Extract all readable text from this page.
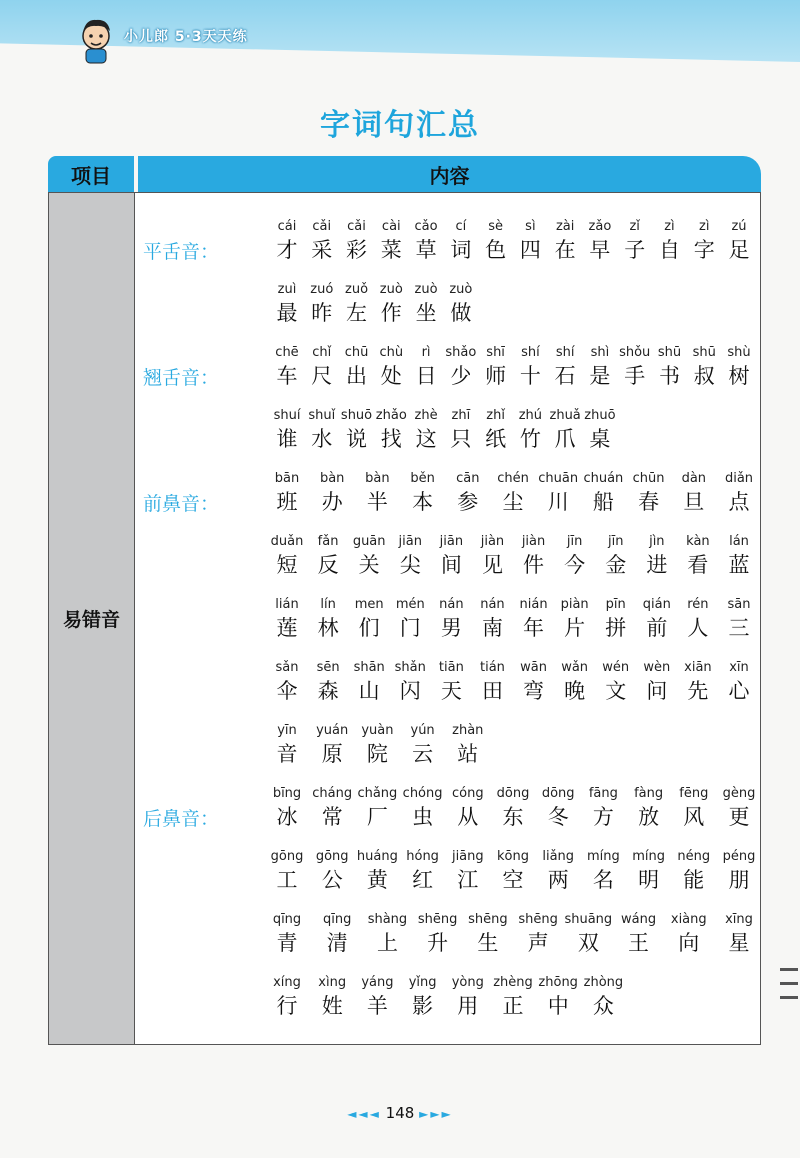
小儿郎 5·3天天练
字词句汇总
项目	内容
易错音
平舌音：
cái
才
cǎi
采
cǎi
彩
cài
菜
cǎo
草
cí
词
sè
色
sì
四
zài
在
zǎo
早
zǐ
子
zì
自
zì
字
zú
足
zuì
最
zuó
昨
zuǒ
左
zuò
作
zuò
坐
zuò
做
翘舌音：
chē
车
chǐ
尺
chū
出
chù
处
rì
日
shǎo
少
shī
师
shí
十
shí
石
shì
是
shǒu
手
shū
书
shū
叔
shù
树
shuí
谁
shuǐ
水
shuō
说
zhǎo
找
zhè
这
zhī
只
zhǐ
纸
zhú
竹
zhuǎ
爪
zhuō
桌
前鼻音：
bān
班
bàn
办
bàn
半
běn
本
cān
参
chén
尘
chuān
川
chuán
船
chūn
春
dàn
旦
diǎn
点
duǎn
短
fǎn
反
guān
关
jiān
尖
jiān
间
jiàn
见
jiàn
件
jīn
今
jīn
金
jìn
进
kàn
看
lán
蓝
lián
莲
lín
林
men
们
mén
门
nán
男
nán
南
nián
年
piàn
片
pīn
拼
qián
前
rén
人
sān
三
sǎn
伞
sēn
森
shān
山
shǎn
闪
tiān
天
tián
田
wān
弯
wǎn
晚
wén
文
wèn
问
xiān
先
xīn
心
yīn
音
yuán
原
yuàn
院
yún
云
zhàn
站
后鼻音：
bīng
冰
cháng
常
chǎng
厂
chóng
虫
cóng
从
dōng
东
dōng
冬
fāng
方
fàng
放
fēng
风
gèng
更
gōng
工
gōng
公
huáng
黄
hóng
红
jiāng
江
kōng
空
liǎng
两
míng
名
míng
明
néng
能
péng
朋
qīng
青
qīng
清
shàng
上
shēng
升
shēng
生
shēng
声
shuāng
双
wáng
王
xiàng
向
xīng
星
xíng
行
xìng
姓
yáng
羊
yǐng
影
yòng
用
zhèng
正
zhōng
中
zhòng
众
◄◄◄ 148 ►►►
